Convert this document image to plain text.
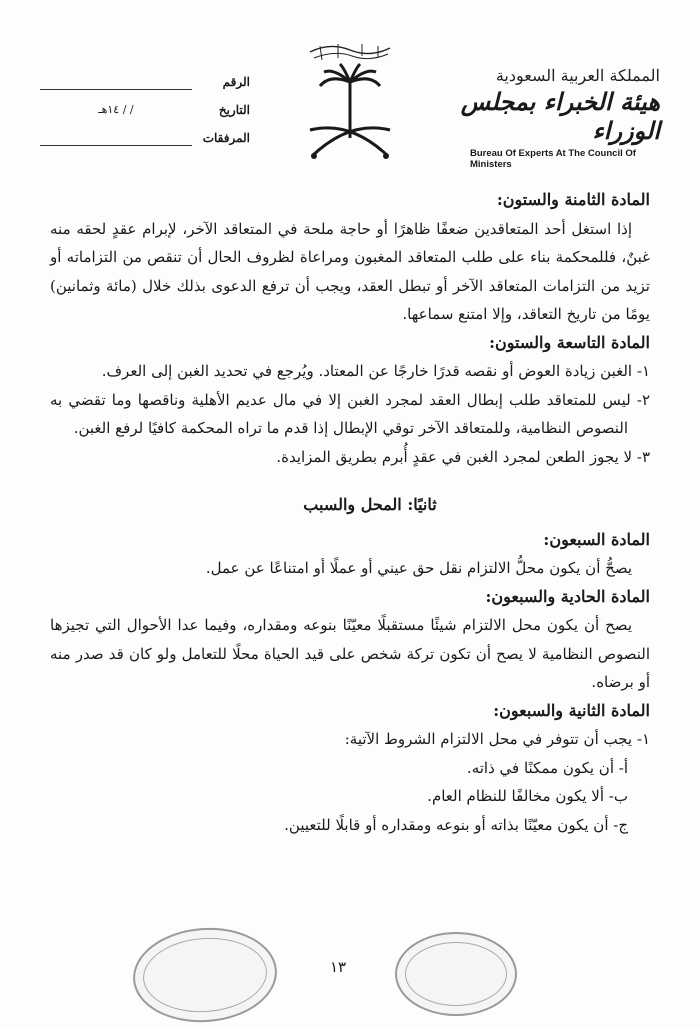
الرقم
التاريخ
/ / ١٤هـ
المرفقات
المملكة العربية السعودية
هيئة الخبراء بمجلس الوزراء
Bureau Of Experts At The Council Of Ministers

المادة الثامنة والستون:

إذا استغل أحد المتعاقدين ضعفًا ظاهرًا أو حاجة ملحة في المتعاقد الآخر، لإبرام عقدٍ لحقه منه غبنٌ، فللمحكمة بناء على طلب المتعاقد المغبون ومراعاة لظروف الحال أن تنقص من التزاماته أو تزيد من التزامات المتعاقد الآخر أو تبطل العقد، ويجب أن ترفع الدعوى بذلك خلال (مائة وثمانين) يومًا من تاريخ التعاقد، وإلا امتنع سماعها.

المادة التاسعة والستون:

١- الغبن زيادة العوض أو نقصه قدرًا خارجًا عن المعتاد. ويُرجع في تحديد الغبن إلى العرف.

٢- ليس للمتعاقد طلب إبطال العقد لمجرد الغبن إلا في مال عديم الأهلية وناقصها وما تقضي به النصوص النظامية، وللمتعاقد الآخر توقي الإبطال إذا قدم ما تراه المحكمة كافيًا لرفع الغبن.

٣- لا يجوز الطعن لمجرد الغبن في عقدٍ أُبرم بطريق المزايدة.

ثانيًا: المحل والسبب

المادة السبعون:

يصحُّ أن يكون محلُّ الالتزام نقل حق عيني أو عملًا أو امتناعًا عن عمل.

المادة الحادية والسبعون:

يصح أن يكون محل الالتزام شيئًا مستقبلًا معيّنًا بنوعه ومقداره، وفيما عدا الأحوال التي تجيزها النصوص النظامية لا يصح أن تكون تركة شخص على قيد الحياة محلًا للتعامل ولو كان قد صدر منه أو برضاه.

المادة الثانية والسبعون:

١- يجب أن تتوفر في محل الالتزام الشروط الآتية:

أ- أن يكون ممكنًا في ذاته.

ب- ألا يكون مخالفًا للنظام العام.

ج- أن يكون معيّنًا بذاته أو بنوعه ومقداره أو قابلًا للتعيين.

١٣
